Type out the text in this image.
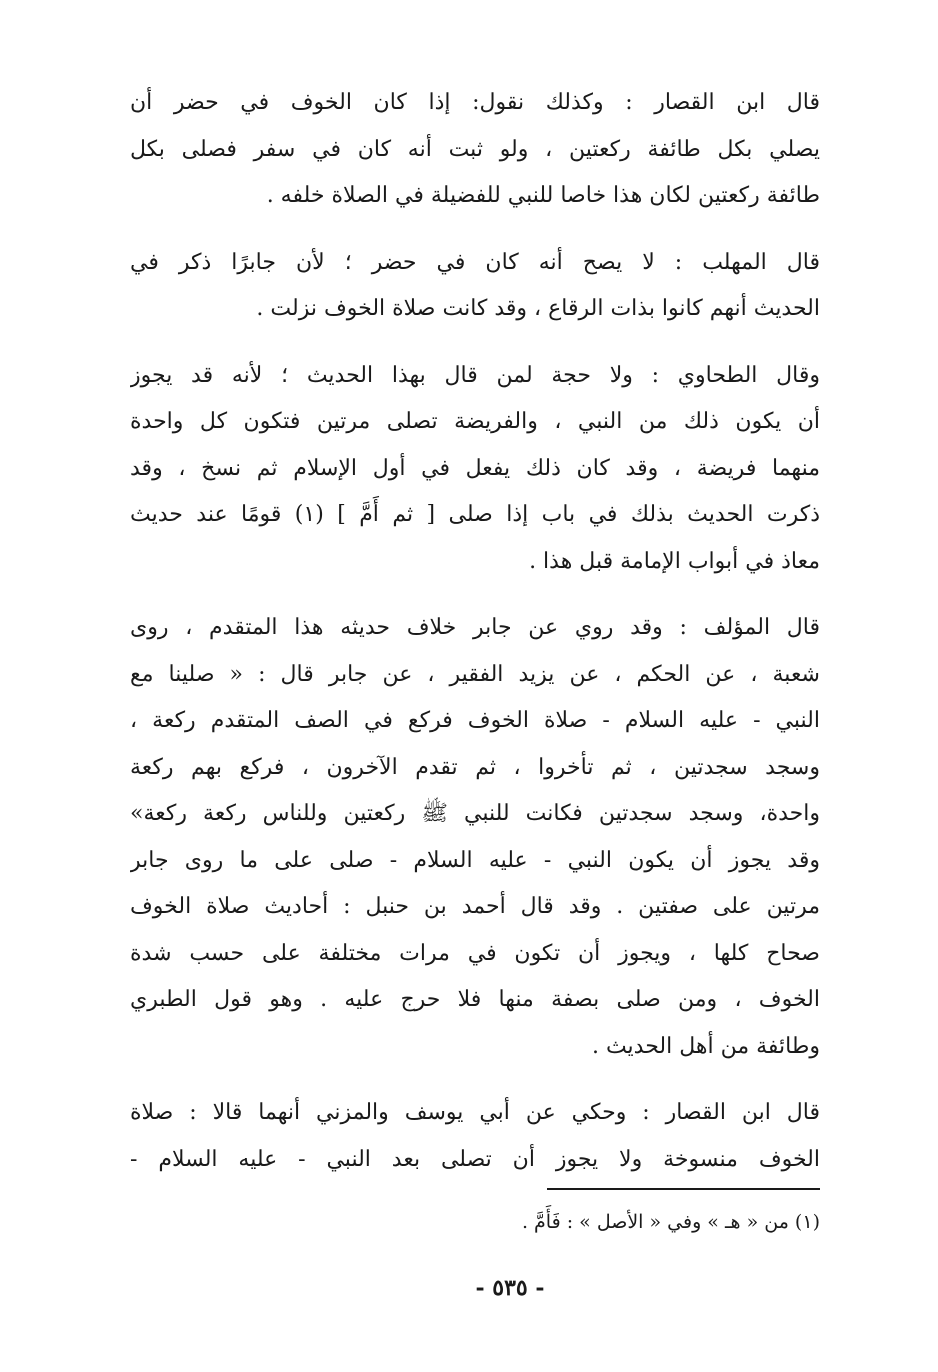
قال ابن القصار : وكذلك نقول: إذا كان الخوف في حضر أن
يصلي بكل طائفة ركعتين ، ولو ثبت أنه كان في سفر فصلى بكل
طائفة ركعتين لكان هذا خاصا للنبي للفضيلة في الصلاة خلفه .

قال المهلب : لا يصح أنه كان في حضر ؛ لأن جابرًا ذكر في
الحديث أنهم كانوا بذات الرقاع ، وقد كانت صلاة الخوف نزلت .

وقال الطحاوي : ولا حجة لمن قال بهذا الحديث ؛ لأنه قد يجوز
أن يكون ذلك من النبي ، والفريضة تصلى مرتين فتكون كل واحدة
منهما فريضة ، وقد كان ذلك يفعل في أول الإسلام ثم نسخ ، وقد
ذكرت الحديث بذلك في باب إذا صلى [ ثم أَمَّ ] (١) قومًا عند حديث
معاذ في أبواب الإمامة قبل هذا .

قال المؤلف : وقد روي عن جابر خلاف حديثه هذا المتقدم ، روى
شعبة ، عن الحكم ، عن يزيد الفقير ، عن جابر قال : « صلينا مع
النبي - عليه السلام - صلاة الخوف فركع في الصف المتقدم ركعة ،
وسجد سجدتين ، ثم تأخروا ، ثم تقدم الآخرون ، فركع بهم ركعة
واحدة، وسجد سجدتين فكانت للنبي ﷺ ركعتين وللناس ركعة ركعة»
وقد يجوز أن يكون النبي - عليه السلام - صلى على ما روى جابر
مرتين على صفتين . وقد قال أحمد بن حنبل : أحاديث صلاة الخوف
صحاح كلها ، ويجوز أن تكون في مرات مختلفة على حسب شدة
الخوف ، ومن صلى بصفة منها فلا حرج عليه . وهو قول الطبري
وطائفة من أهل الحديث .

قال ابن القصار : وحكي عن أبي يوسف والمزني أنهما قالا : صلاة
الخوف منسوخة ولا يجوز أن تصلى بعد النبي - عليه السلام -

(١) من « هـ » وفي « الأصل » : فَأَمَّ .
- ٥٣٥ -
